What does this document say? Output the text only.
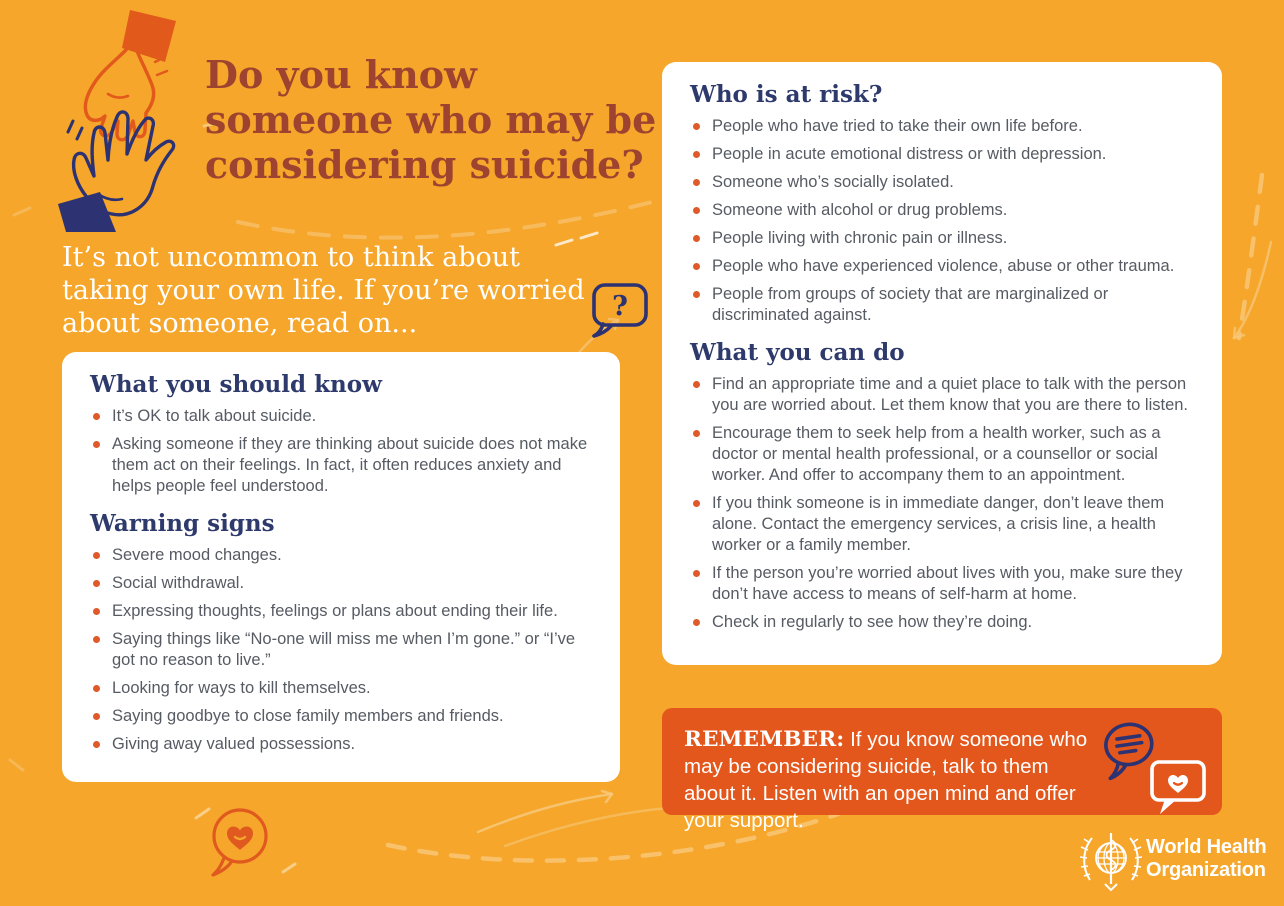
Do you know
someone who may be
considering suicide?
It’s not uncommon to think about
taking your own life. If you’re worried
about someone, read on...
?
What you should know
It’s OK to talk about suicide.
Asking someone if they are thinking about suicide does not make them act on their feelings. In fact, it often reduces anxiety and helps people feel understood.
Warning signs
Severe mood changes.
Social withdrawal.
Expressing thoughts, feelings or plans about ending their life.
Saying things like “No-one will miss me when I’m gone.” or “I’ve got no reason to live.”
Looking for ways to kill themselves.
Saying goodbye to close family members and friends.
Giving away valued possessions.
Who is at risk?
People who have tried to take their own life before.
People in acute emotional distress or with depression.
Someone who’s socially isolated.
Someone with alcohol or drug problems.
People living with chronic pain or illness.
People who have experienced violence, abuse or other trauma.
People from groups of society that are marginalized or discriminated against.
What you can do
Find an appropriate time and a quiet place to talk with the person you are worried about. Let them know that you are there to listen.
Encourage them to seek help from a health worker, such as a doctor or mental health professional, or a counsellor or social worker. And offer to accompany them to an appointment.
If you think someone is in immediate danger, don’t leave them alone. Contact the emergency services, a crisis line, a health worker or a family member.
If the person you’re worried about lives with you, make sure they don’t have access to means of self-harm at home.
Check in regularly to see how they’re doing.

REMEMBER: If you know someone who may be considering suicide, talk to them about it. Listen with an open mind and offer your support.

World Health
Organization
